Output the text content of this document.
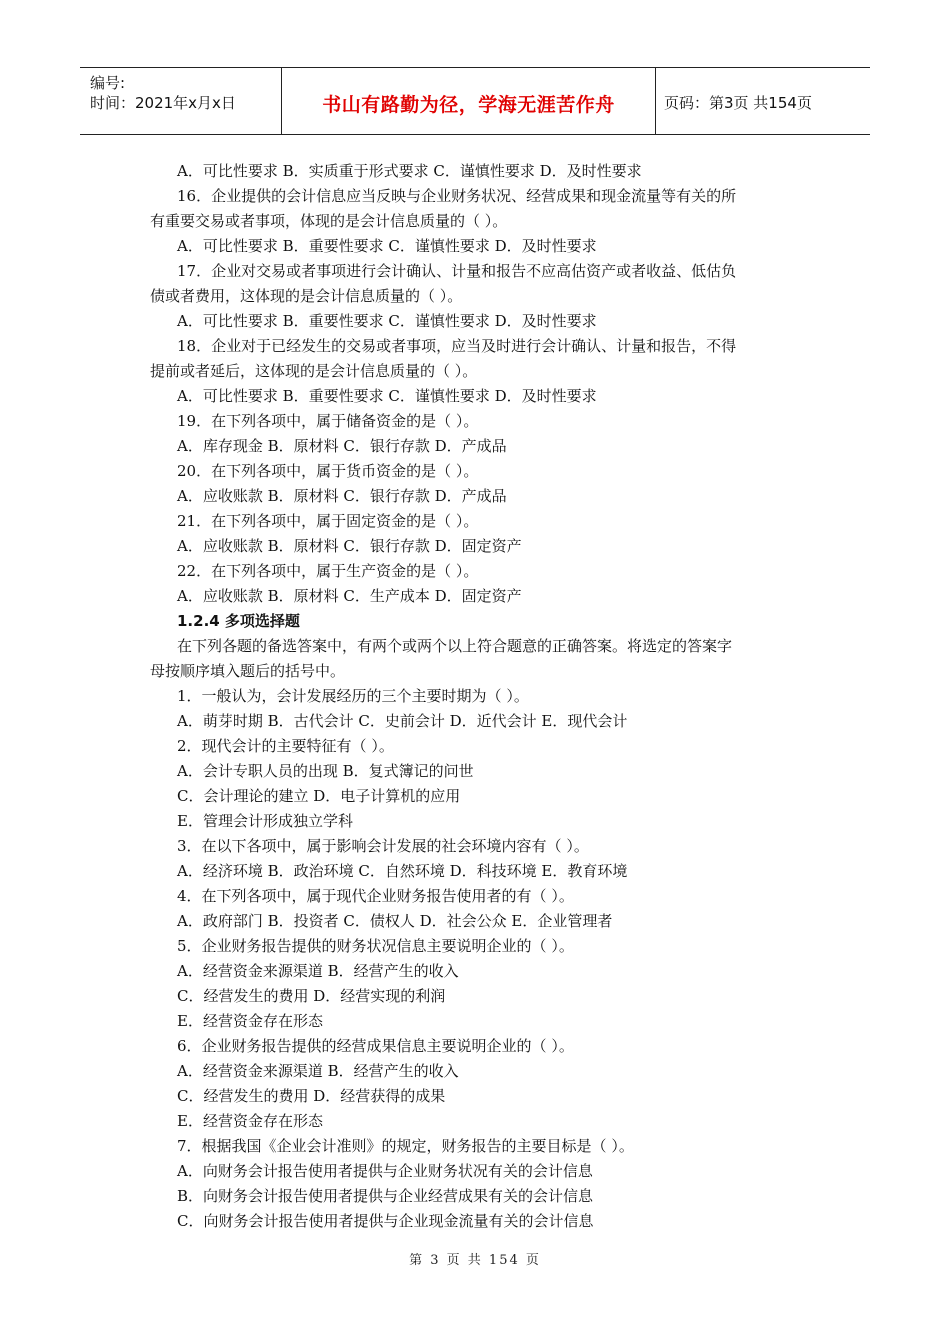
编号:
时间：2021年x月x日	书山有路勤为径，学海无涯苦作舟	页码：第3页 共154页
A．可比性要求 B．实质重于形式要求 C．谨慎性要求 D．及时性要求
16．企业提供的会计信息应当反映与企业财务状况、经营成果和现金流量等有关的所
有重要交易或者事项，体现的是会计信息质量的（ ）。
A．可比性要求 B．重要性要求 C．谨慎性要求 D．及时性要求
17．企业对交易或者事项进行会计确认、计量和报告不应高估资产或者收益、低估负
债或者费用，这体现的是会计信息质量的（ ）。
A．可比性要求 B．重要性要求 C．谨慎性要求 D．及时性要求
18．企业对于已经发生的交易或者事项，应当及时进行会计确认、计量和报告，不得
提前或者延后，这体现的是会计信息质量的（ ）。
A．可比性要求 B．重要性要求 C．谨慎性要求 D．及时性要求
19．在下列各项中，属于储备资金的是（ ）。
A．库存现金 B．原材料 C．银行存款 D．产成品
20．在下列各项中，属于货币资金的是（ ）。
A．应收账款 B．原材料 C．银行存款 D．产成品
21．在下列各项中，属于固定资金的是（ ）。
A．应收账款 B．原材料 C．银行存款 D．固定资产
22．在下列各项中，属于生产资金的是（ ）。
A．应收账款 B．原材料 C．生产成本 D．固定资产
1.2.4 多项选择题
在下列各题的备选答案中，有两个或两个以上符合题意的正确答案。将选定的答案字
母按顺序填入题后的括号中。
1．一般认为，会计发展经历的三个主要时期为（ ）。
A．萌芽时期 B．古代会计 C．史前会计 D．近代会计 E．现代会计
2．现代会计的主要特征有（ ）。
A．会计专职人员的出现 B．复式簿记的问世
C．会计理论的建立 D．电子计算机的应用
E．管理会计形成独立学科
3．在以下各项中，属于影响会计发展的社会环境内容有（ ）。
A．经济环境 B．政治环境 C．自然环境 D．科技环境 E．教育环境
4．在下列各项中，属于现代企业财务报告使用者的有（ ）。
A．政府部门 B．投资者 C．债权人 D．社会公众 E．企业管理者
5．企业财务报告提供的财务状况信息主要说明企业的（ ）。
A．经营资金来源渠道 B．经营产生的收入
C．经营发生的费用 D．经营实现的利润
E．经营资金存在形态
6．企业财务报告提供的经营成果信息主要说明企业的（ ）。
A．经营资金来源渠道 B．经营产生的收入
C．经营发生的费用 D．经营获得的成果
E．经营资金存在形态
7．根据我国《企业会计准则》的规定，财务报告的主要目标是（ ）。
A．向财务会计报告使用者提供与企业财务状况有关的会计信息
B．向财务会计报告使用者提供与企业经营成果有关的会计信息
C．向财务会计报告使用者提供与企业现金流量有关的会计信息
第 3 页 共 154 页
